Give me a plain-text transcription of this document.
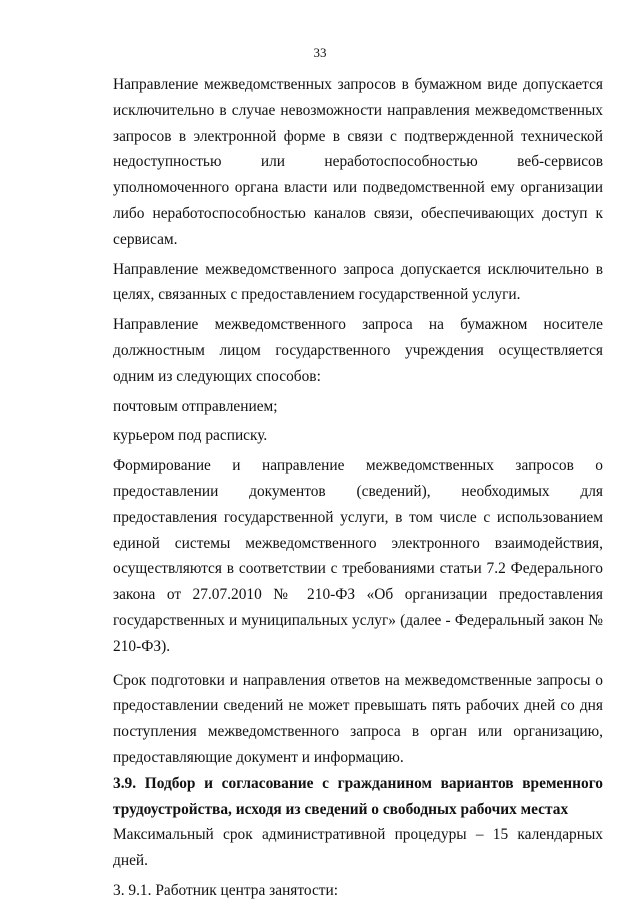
33

Направление межведомственных запросов в бумажном виде допускается исключительно в случае невозможности направления межведомственных запросов в электронной форме в связи с подтвержденной технической недоступностью или неработоспособностью веб-сервисов уполномоченного органа власти или подведомственной ему организации либо неработоспособностью каналов связи, обеспечивающих доступ к сервисам.

Направление межведомственного запроса допускается исключительно в целях, связанных с предоставлением государственной услуги.

Направление межведомственного запроса на бумажном носителе должностным лицом государственного учреждения осуществляется одним из следующих способов:

почтовым отправлением;

курьером под расписку.

Формирование и направление межведомственных запросов о предоставлении документов (сведений), необходимых для предоставления государственной услуги, в том числе с использованием единой системы межведомственного электронного взаимодействия, осуществляются в соответствии с требованиями статьи 7.2 Федерального закона от 27.07.2010 № 210-ФЗ «Об организации предоставления государственных и муниципальных услуг» (далее - Федеральный закон № 210-ФЗ).

Срок подготовки и направления ответов на межведомственные запросы о предоставлении сведений не может превышать пять рабочих дней со дня поступления межведомственного запроса в орган или организацию, предоставляющие документ и информацию.

3.9. Подбор и согласование с гражданином вариантов временного трудоустройства, исходя из сведений о свободных рабочих местах

Максимальный срок административной процедуры – 15 календарных дней.

3. 9.1. Работник центра занятости:
